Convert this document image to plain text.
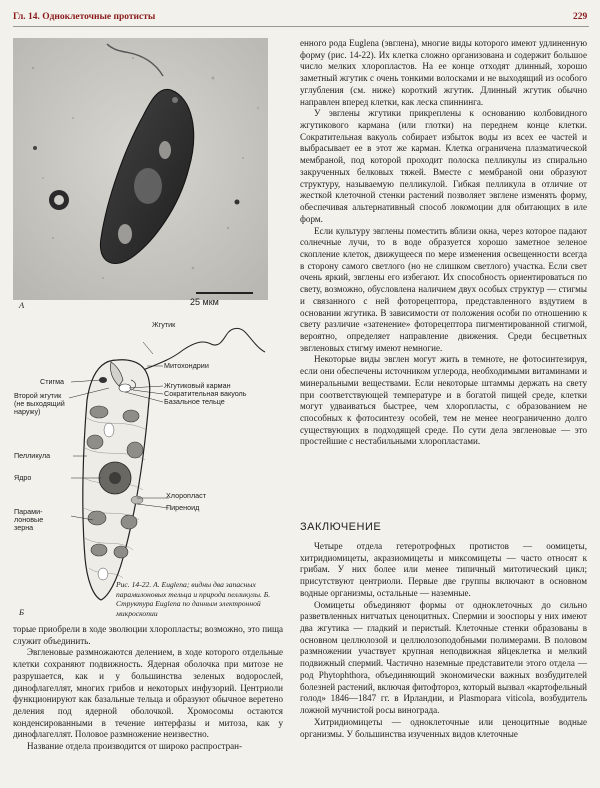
Гл. 14. Одноклеточные протисты	229
А	25 мкм
Жгутик
Митохондрии
Стигма	Жгутиковый карман
Сократительная вакуоль
Базальное тельце
Второй жгутик
(не выходящий
наружу)
Пелликула
Ядро
Хлоропласт
Пиреноид
Парами-
лоновые
зерна
Б
Рис. 14-22. А. Euglena; видны два запасных парамилоновых тельца и природа пелликулы. Б. Структура Euglena по данным электронной микроскопии

торые приобрели в ходе эволюции хлоропласты; возможно, это пища служит объединить.

Эвгленовые размножаются делением, в ходе которого отдельные клетки сохраняют подвижность. Ядерная оболочка при митозе не разрушается, как и у большинства зеленых водорослей, динофлагеллят, многих грибов и некоторых инфузорий. Центриоли функционируют как базальные тельца и образуют обычное веретено деления под ядерной оболочкой. Хромосомы остаются конденсированными в течение интерфазы и митоза, как у динофлагеллят. Половое размножение неизвестно.

Название отдела производится от широко распростран-

енного рода Euglena (эвглена), многие виды которого имеют удлиненную форму (рис. 14-22). Их клетка сложно организована и содержит большое число мелких хлоропластов. На ее конце отходят длинный, хорошо заметный жгутик с очень тонкими волосками и не выходящий из особого углубления (см. ниже) короткий жгутик. Длинный жгутик обычно направлен вперед клетки, как леска спиннинга.

У эвглены жгутики прикреплены к основанию колбовидного жгутикового кармана (или глотки) на переднем конце клетки. Сократительная вакуоль собирает избыток воды из всех ее частей и выбрасывает ее в этот же карман. Клетка ограничена плазматической мембраной, под которой проходит полоска пелликулы из спирально закрученных белковых тяжей. Вместе с мембраной они образуют структуру, называемую пелликулой. Гибкая пелликула в отличие от жесткой клеточной стенки растений позволяет эвглене изменять форму, обеспечивая альтернативный способ локомоции для обитающих в иле форм.

Если культуру эвглены поместить вблизи окна, через которое падают солнечные лучи, то в воде образуется хорошо заметное зеленое скопление клеток, движущееся по мере изменения освещенности всегда в сторону самого светлого (но не слишком светлого) участка. Если свет очень яркий, эвглены его избегают. Их способность ориентироваться по свету, возможно, обусловлена наличием двух особых структур — стигмы и связанного с ней фоторецептора, представленного вздутием в основании жгутика. В зависимости от положения особи по отношению к свету различие «затенение» фоторецептора пигментированной стигмой, вероятно, определяет направление движения. Среди бесцветных эвгленовых стигму имеют немногие.

Некоторые виды эвглен могут жить в темноте, не фотосинтезируя, если они обеспечены источником углерода, необходимыми витаминами и минеральными веществами. Если некоторые штаммы держать на свету при соответствующей температуре и в богатой пищей среде, клетки могут удваиваться быстрее, чем хлоропласты, с образованием не способных к фотосинтезу особей, тем не менее неограниченно долго существующих в подходящей среде. По сути дела эвгленовые — это простейшие с нестабильными хлоропластами.

ЗАКЛЮЧЕНИЕ

Четыре отдела гетеротрофных протистов — оомицеты, хитридиомицеты, акразиомицеты и миксомицеты — часто относят к грибам. У них более или менее типичный митотический цикл; присутствуют центриоли. Первые две группы включают в основном водные организмы, остальные — наземные.

Оомицеты объединяют формы от одноклеточных до сильно разветвленных нитчатых ценоцитных. Спермии и зооспоры у них имеют два жгутика — гладкий и перистый. Клеточные стенки образованы в основном целлюлозой и целлюлозоподобными полимерами. В половом размножении участвует крупная неподвижная яйцеклетка и мелкий подвижный спермий. Частично наземные представители этого отдела — род Phytophthora, объединяющий экономически важных возбудителей болезней растений, включая фитофтороз, который вызвал «картофельный голод» 1846—1847 гг. в Ирландии, и Plasmopara viticola, возбудитель ложной мучнистой росы винограда.

Хитридиомицеты — одноклеточные или ценоцитные водные организмы. У большинства изученных видов клеточные
